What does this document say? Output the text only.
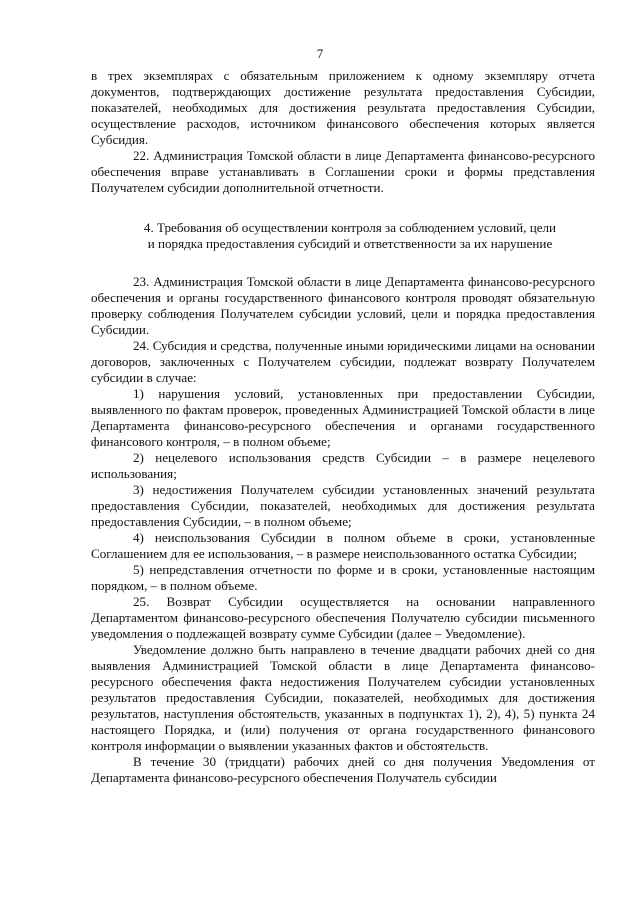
7

в трех экземплярах с обязательным приложением к одному экземпляру отчета документов, подтверждающих достижение результата предоставления Субсидии, показателей, необходимых для достижения результата предоставления Субсидии, осуществление расходов, источником финансового обеспечения которых является Субсидия.

22. Администрация Томской области в лице Департамента финансово-ресурсного обеспечения вправе устанавливать в Соглашении сроки и формы представления Получателем субсидии дополнительной отчетности.

4. Требования об осуществлении контроля за соблюдением условий, цели
и порядка предоставления субсидий и ответственности за их нарушение

23. Администрация Томской области в лице Департамента финансово-ресурсного обеспечения и органы государственного финансового контроля проводят обязательную проверку соблюдения Получателем субсидии условий, цели и порядка предоставления Субсидии.

24. Субсидия и средства, полученные иными юридическими лицами на основании договоров, заключенных с Получателем субсидии, подлежат возврату Получателем субсидии в случае:

1) нарушения условий, установленных при предоставлении Субсидии, выявленного по фактам проверок, проведенных Администрацией Томской области в лице Департамента финансово-ресурсного обеспечения и органами государственного финансового контроля, – в полном объеме;

2) нецелевого использования средств Субсидии – в размере нецелевого использования;

3) недостижения Получателем субсидии установленных значений результата предоставления Субсидии, показателей, необходимых для достижения результата предоставления Субсидии, – в полном объеме;

4) неиспользования Субсидии в полном объеме в сроки, установленные Соглашением для ее использования, – в размере неиспользованного остатка Субсидии;

5) непредставления отчетности по форме и в сроки, установленные настоящим порядком, – в полном объеме.

25. Возврат Субсидии осуществляется на основании направленного Департаментом финансово-ресурсного обеспечения Получателю субсидии письменного уведомления о подлежащей возврату сумме Субсидии (далее – Уведомление).

Уведомление должно быть направлено в течение двадцати рабочих дней со дня выявления Администрацией Томской области в лице Департамента финансово-ресурсного обеспечения факта недостижения Получателем субсидии установленных результатов предоставления Субсидии, показателей, необходимых для достижения результатов, наступления обстоятельств, указанных в подпунктах 1), 2), 4), 5) пункта 24 настоящего Порядка, и (или) получения от органа государственного финансового контроля информации о выявлении указанных фактов и обстоятельств.

В течение 30 (тридцати) рабочих дней со дня получения Уведомления от Департамента финансово-ресурсного обеспечения Получатель субсидии
